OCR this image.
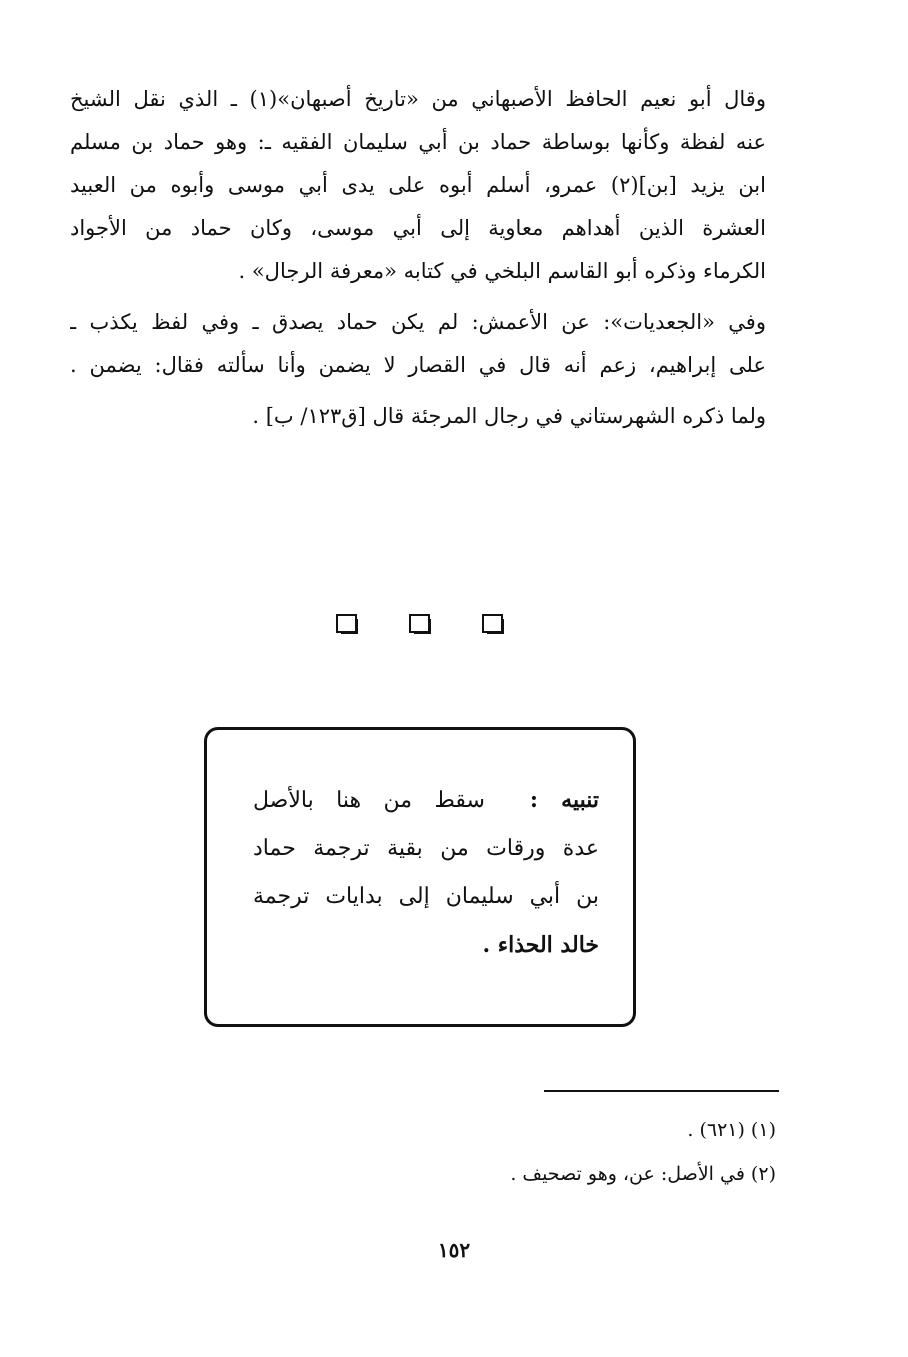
وقال أبو نعيم الحافظ الأصبهاني من «تاريخ أصبهان»(١) ـ الذي نقل الشيخ
عنه لفظة وكأنها بوساطة حماد بن أبي سليمان الفقيه ـ: وهو حماد بن مسلم
ابن يزيد [بن](٢) عمرو، أسلم أبوه على يدى أبي موسى وأبوه من العبيد
العشرة الذين أهداهم معاوية إلى أبي موسى، وكان حماد من الأجواد
الكرماء وذكره أبو القاسم البلخي في كتابه «معرفة الرجال» .
وفي «الجعديات»: عن الأعمش: لم يكن حماد يصدق ـ وفي لفظ يكذب ـ
على إبراهيم، زعم أنه قال في القصار لا يضمن وأنا سألته فقال: يضمن .
ولما ذكره الشهرستاني في رجال المرجئة قال [ق١٢٣/ ب] .
تنبيه :  سقط من هنا بالأصل
عدة ورقات من بقية ترجمة حماد
بن أبي سليمان إلى بدايات ترجمة
خالد الحذاء .
(١) (٦٢١) .
(٢) في الأصل: عن، وهو تصحيف .
١٥٢
